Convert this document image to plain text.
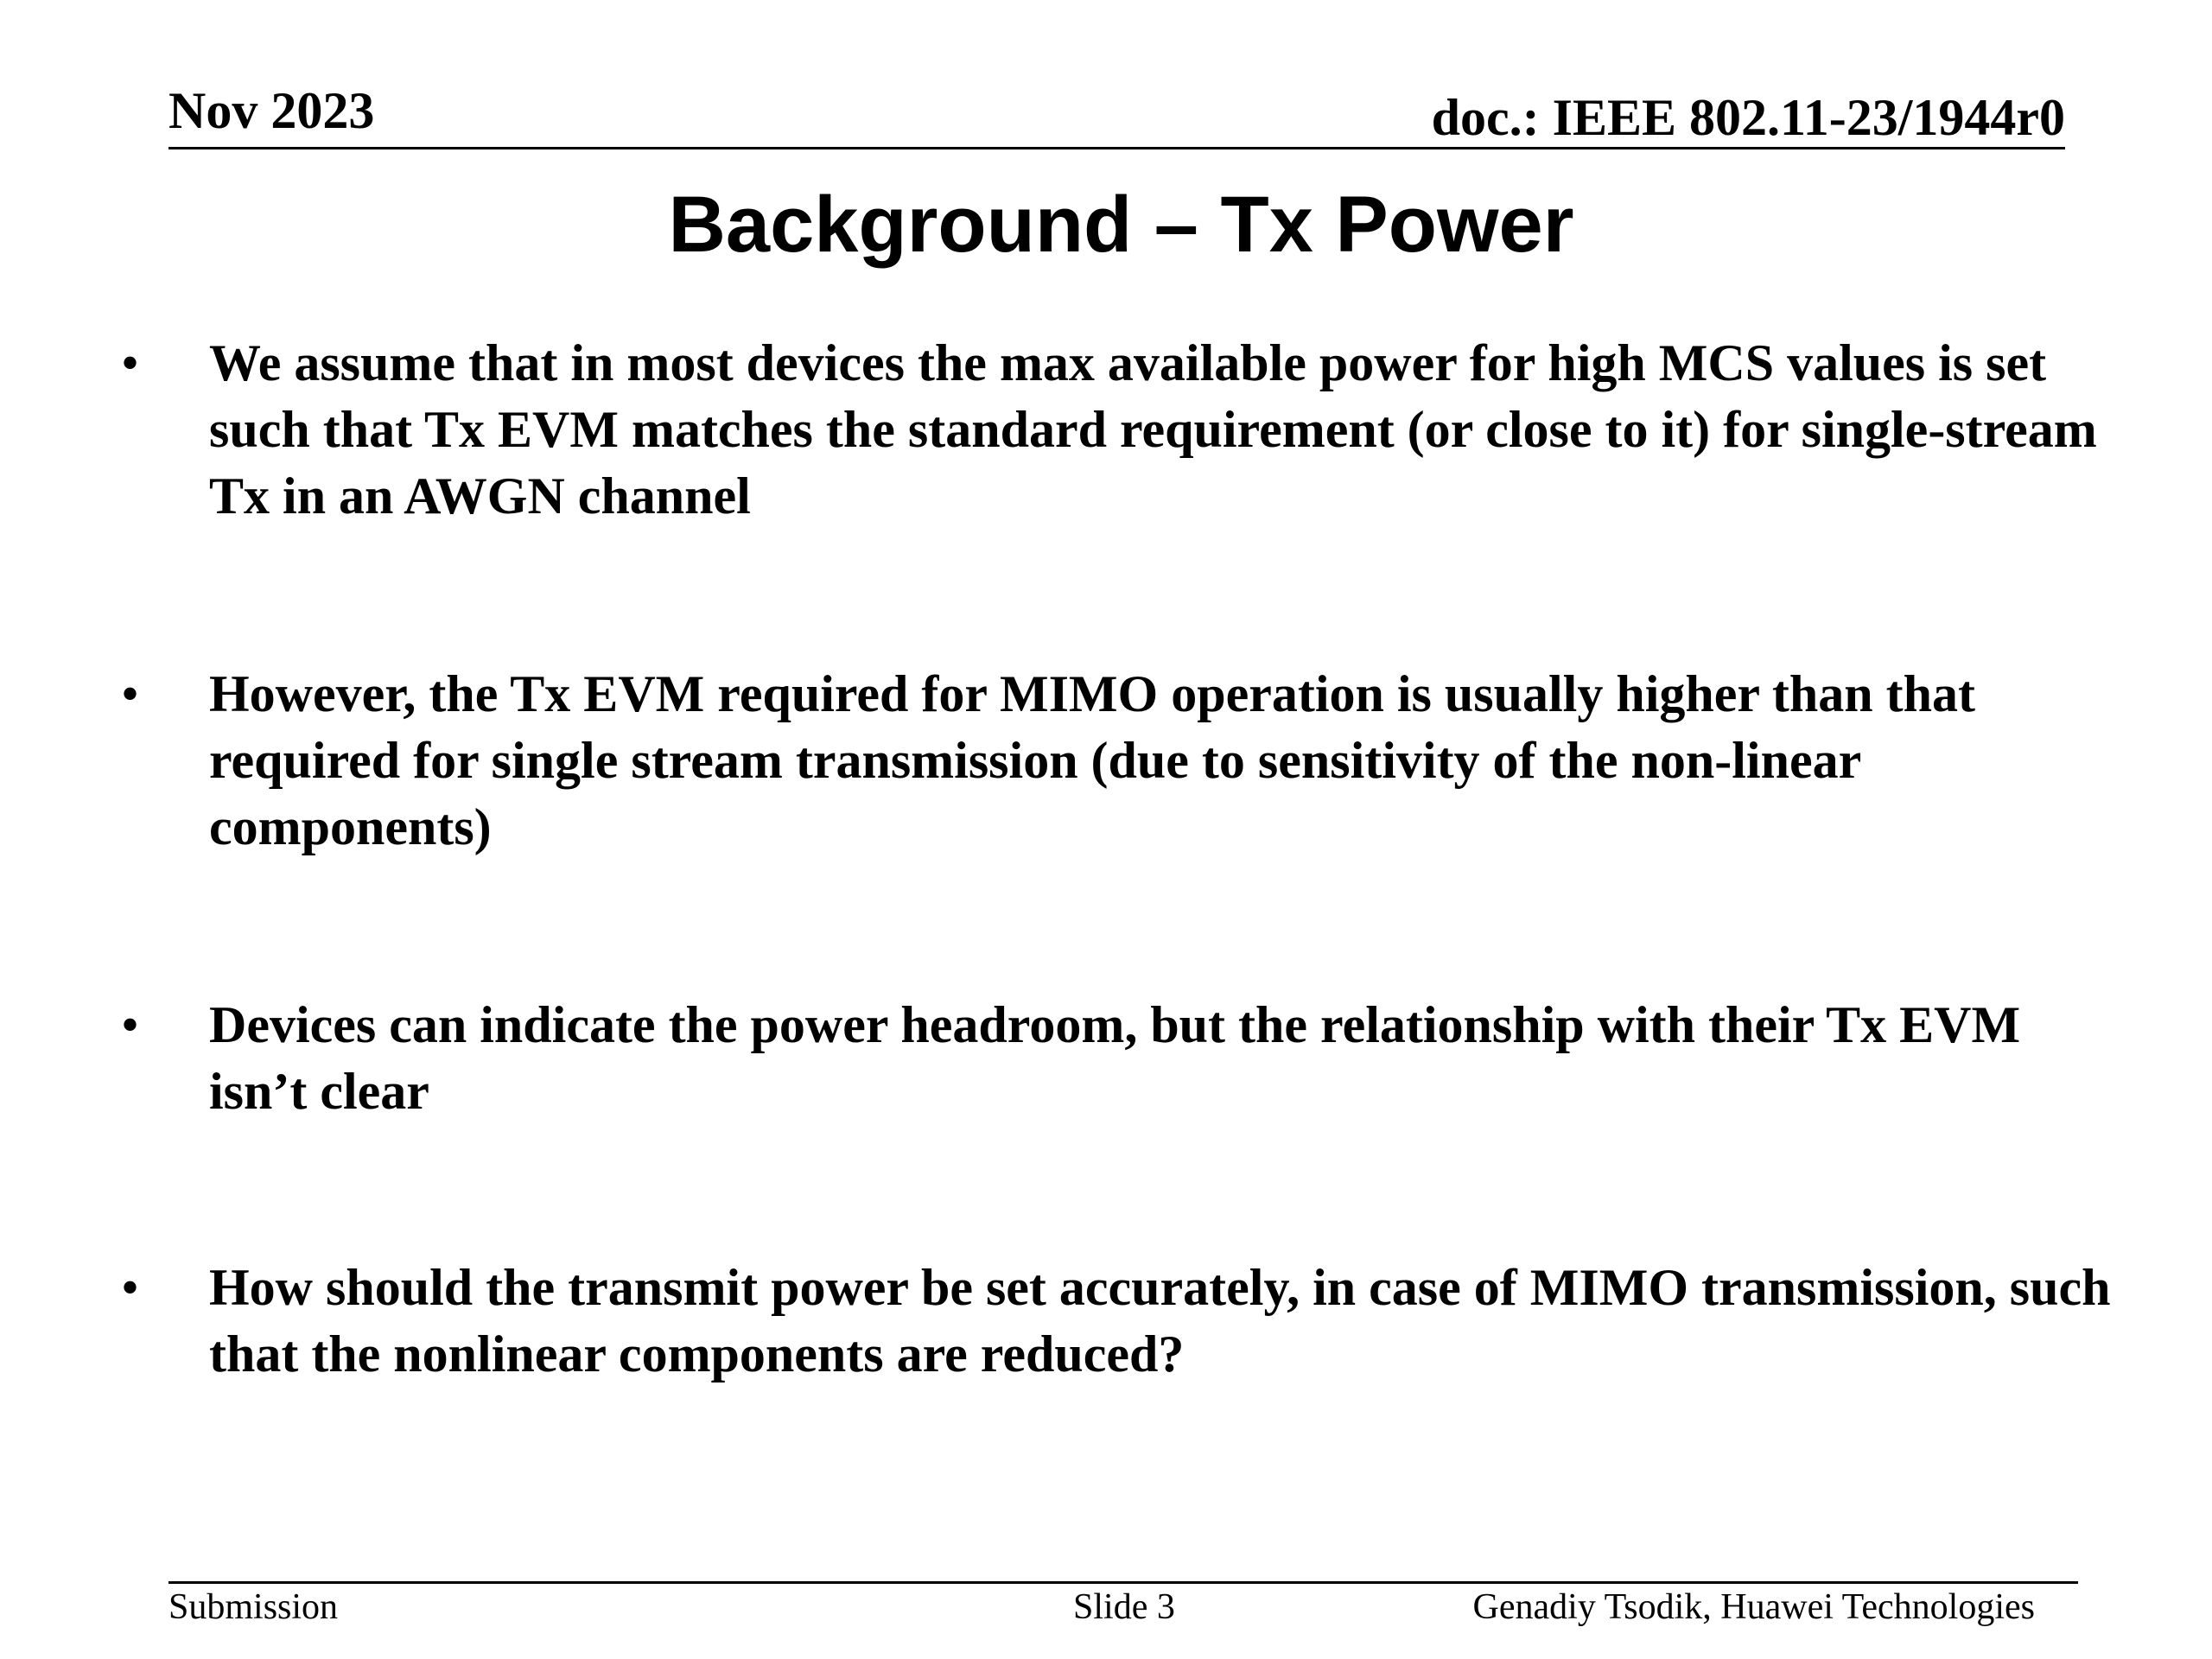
Nov 2023	doc.: IEEE 802.11-23/1944r0
Background – Tx Power
•	We assume that in most devices the max available power for high MCS values is set such that Tx EVM matches the standard requirement (or close to it) for single-stream Tx in an AWGN channel
•	However, the Tx EVM required for MIMO operation is usually higher than that required for single stream transmission (due to sensitivity of the non-linear components)
•	Devices can indicate the power headroom, but the relationship with their Tx EVM isn’t clear
•	How should the transmit power be set accurately, in case of MIMO transmission, such that the nonlinear components are reduced?
Submission	Slide 3	Genadiy Tsodik, Huawei Technologies
